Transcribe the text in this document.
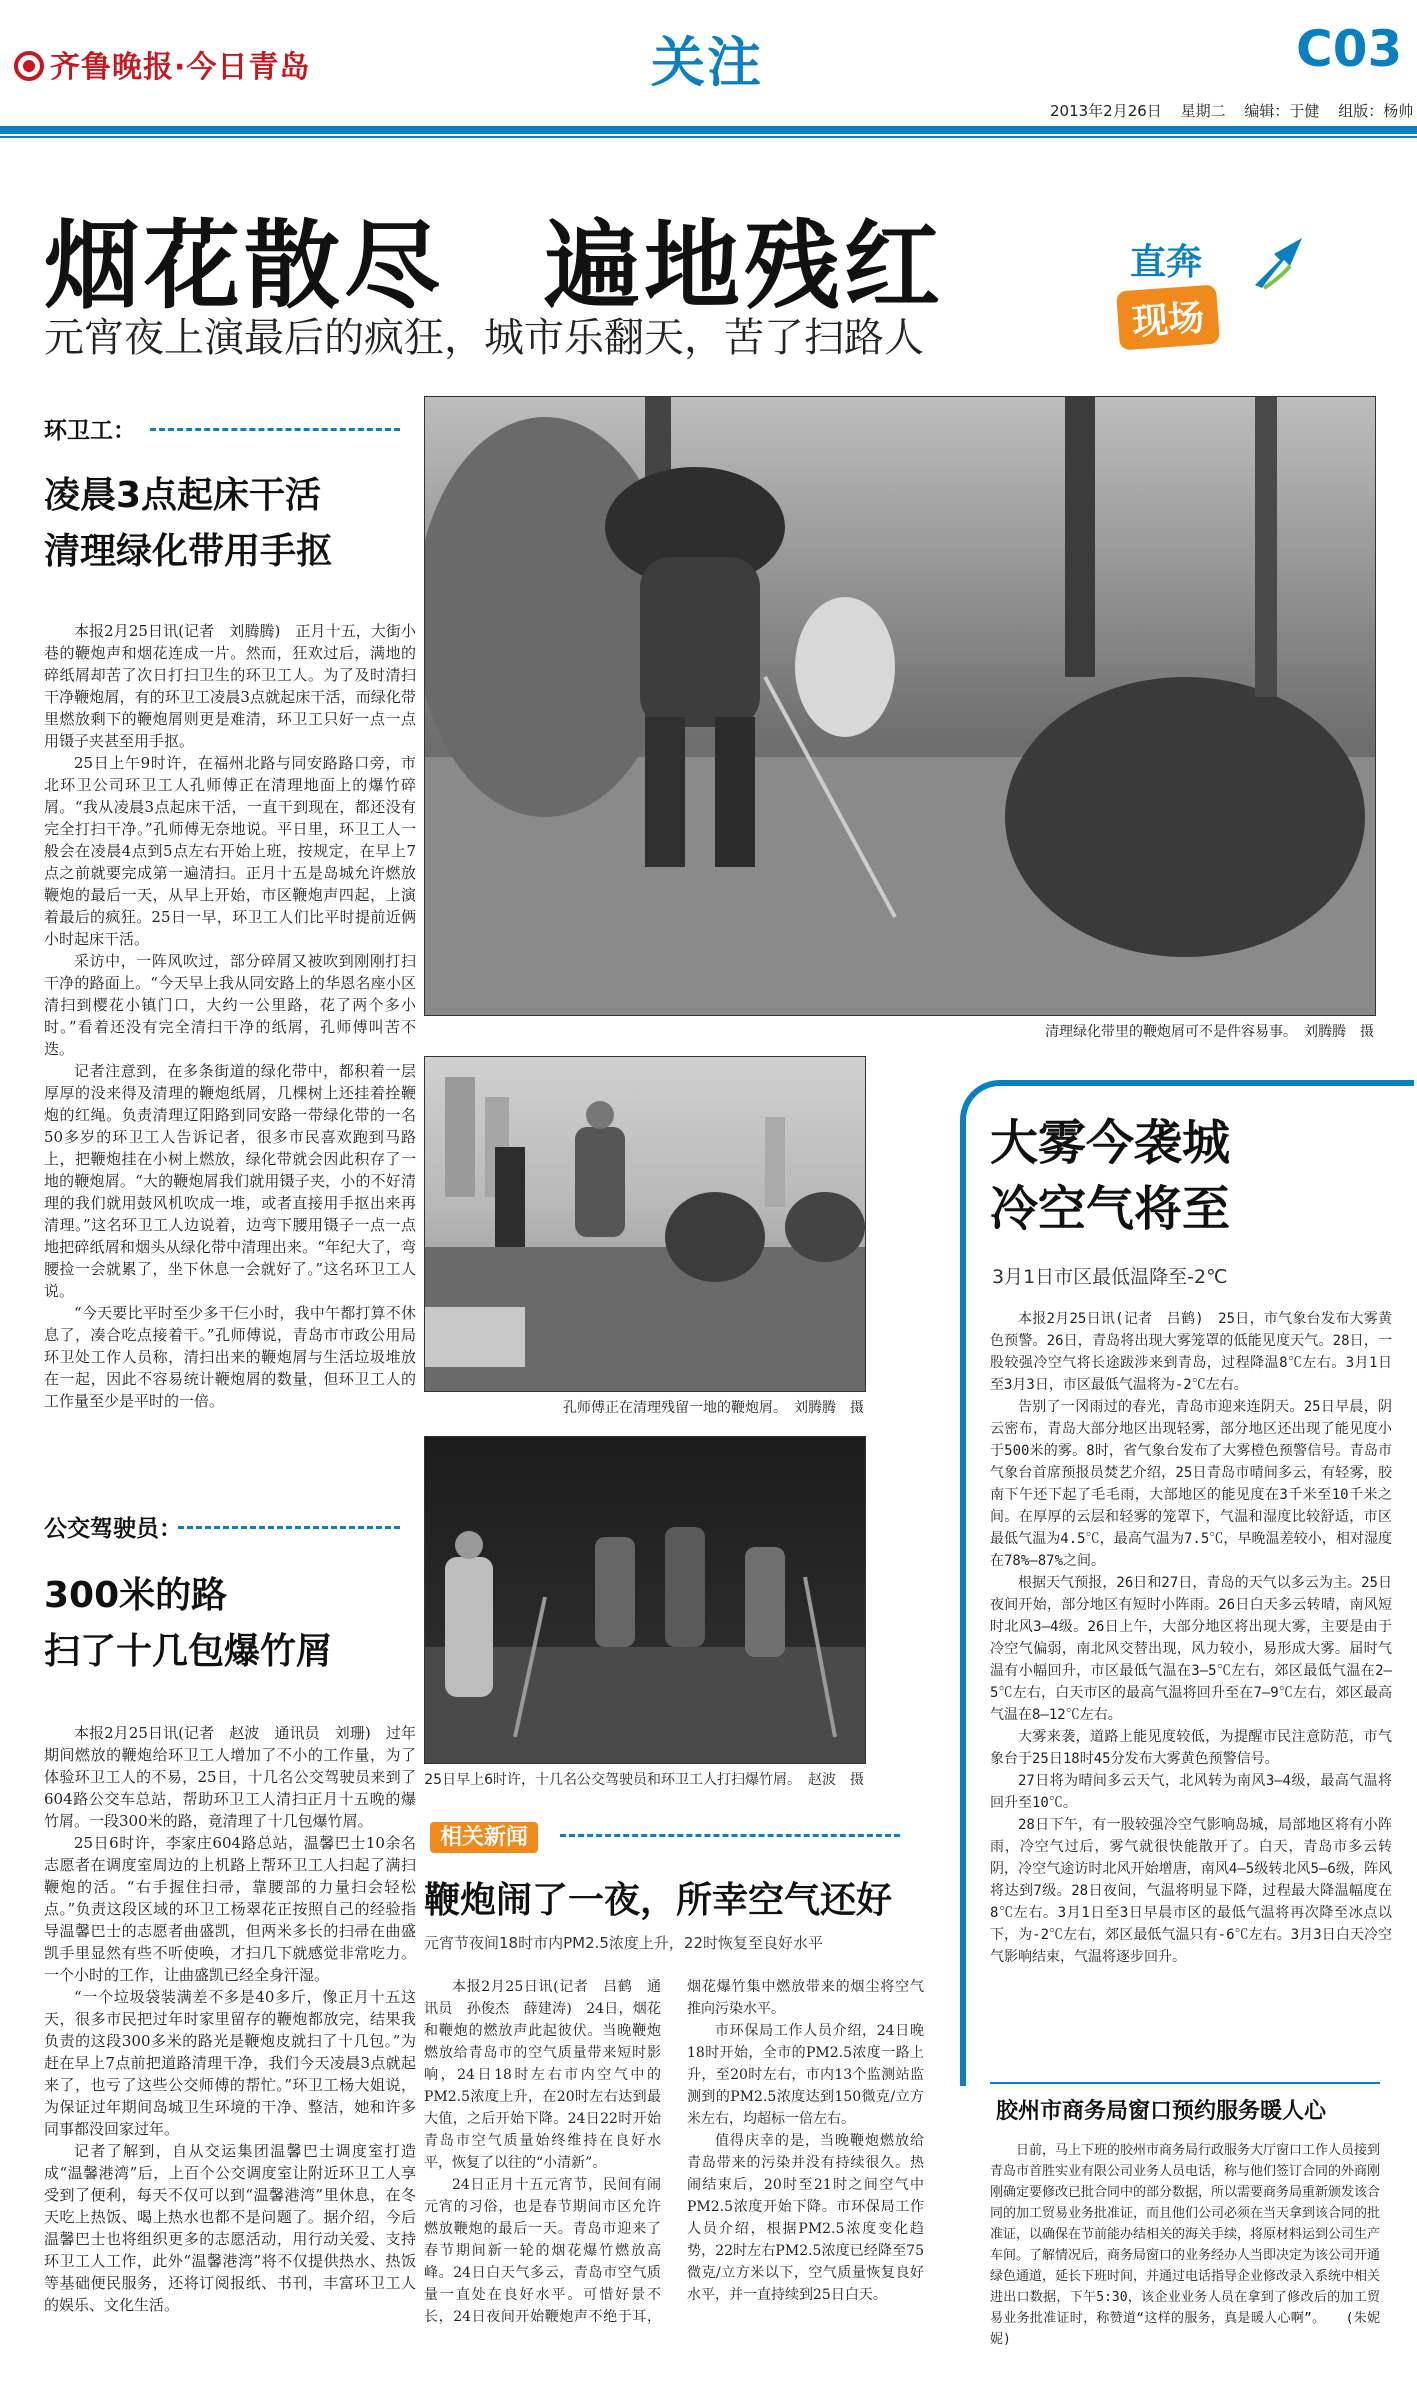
齐鲁晚报·今日青岛	关注	C03
2013年2月26日 星期二 编辑：于健 组版：杨帅
烟花散尽　遍地残红
元宵夜上演最后的疯狂，城市乐翻天，苦了扫路人
直奔
现场
环卫工：
凌晨3点起床干活
清理绿化带用手抠

本报2月25日讯(记者　刘腾腾)　正月十五，大街小巷的鞭炮声和烟花连成一片。然而，狂欢过后，满地的碎纸屑却苦了次日打扫卫生的环卫工人。为了及时清扫干净鞭炮屑，有的环卫工凌晨3点就起床干活，而绿化带里燃放剩下的鞭炮屑则更是难清，环卫工只好一点一点用镊子夹甚至用手抠。

25日上午9时许，在福州北路与同安路路口旁，市北环卫公司环卫工人孔师傅正在清理地面上的爆竹碎屑。“我从凌晨3点起床干活，一直干到现在，都还没有完全打扫干净。”孔师傅无奈地说。平日里，环卫工人一般会在凌晨4点到5点左右开始上班，按规定，在早上7点之前就要完成第一遍清扫。正月十五是岛城允许燃放鞭炮的最后一天，从早上开始，市区鞭炮声四起，上演着最后的疯狂。25日一早，环卫工人们比平时提前近俩小时起床干活。

采访中，一阵风吹过，部分碎屑又被吹到刚刚打扫干净的路面上。“今天早上我从同安路上的华恩名座小区清扫到樱花小镇门口，大约一公里路，花了两个多小时。”看着还没有完全清扫干净的纸屑，孔师傅叫苦不迭。

记者注意到，在多条街道的绿化带中，都积着一层厚厚的没来得及清理的鞭炮纸屑，几棵树上还挂着拴鞭炮的红绳。负责清理辽阳路到同安路一带绿化带的一名50多岁的环卫工人告诉记者，很多市民喜欢跑到马路上，把鞭炮挂在小树上燃放，绿化带就会因此积存了一地的鞭炮屑。“大的鞭炮屑我们就用镊子夹，小的不好清理的我们就用鼓风机吹成一堆，或者直接用手抠出来再清理。”这名环卫工人边说着，边弯下腰用镊子一点一点地把碎纸屑和烟头从绿化带中清理出来。“年纪大了，弯腰捡一会就累了，坐下休息一会就好了。”这名环卫工人说。

“今天要比平时至少多干仨小时，我中午都打算不休息了，凑合吃点接着干。”孔师傅说，青岛市市政公用局环卫处工作人员称，清扫出来的鞭炮屑与生活垃圾堆放在一起，因此不容易统计鞭炮屑的数量，但环卫工人的工作量至少是平时的一倍。

公交驾驶员：
300米的路
扫了十几包爆竹屑

本报2月25日讯(记者　赵波　通讯员　刘珊)　过年期间燃放的鞭炮给环卫工人增加了不小的工作量，为了体验环卫工人的不易，25日，十几名公交驾驶员来到了604路公交车总站，帮助环卫工人清扫正月十五晚的爆竹屑。一段300米的路，竟清理了十几包爆竹屑。

25日6时许，李家庄604路总站，温馨巴士10余名志愿者在调度室周边的上机路上帮环卫工人扫起了满扫鞭炮的活。“右手握住扫帚，靠腰部的力量扫会轻松点。”负责这段区域的环卫工杨翠花正按照自己的经验指导温馨巴士的志愿者曲盛凯，但两米多长的扫帚在曲盛凯手里显然有些不听使唤，才扫几下就感觉非常吃力。一个小时的工作，让曲盛凯已经全身汗湿。

“一个垃圾袋装满差不多是40多斤，像正月十五这天，很多市民把过年时家里留存的鞭炮都放完，结果我负责的这段300多米的路光是鞭炮皮就扫了十几包。”为赶在早上7点前把道路清理干净，我们今天凌晨3点就起来了，也亏了这些公交师傅的帮忙。”环卫工杨大姐说，为保证过年期间岛城卫生环境的干净、整洁，她和许多同事都没回家过年。

记者了解到，自从交运集团温馨巴士调度室打造成“温馨港湾”后，上百个公交调度室让附近环卫工人享受到了便利，每天不仅可以到“温馨港湾”里休息，在冬天吃上热饭、喝上热水也都不是问题了。据介绍，今后温馨巴士也将组织更多的志愿活动，用行动关爱、支持环卫工人工作，此外“温馨港湾”将不仅提供热水、热饭等基础便民服务，还将订阅报纸、书刊，丰富环卫工人的娱乐、文化生活。

清理绿化带里的鞭炮屑可不是件容易事。　刘腾腾　摄
孔师傅正在清理残留一地的鞭炮屑。　刘腾腾　摄
25日早上6时许，十几名公交驾驶员和环卫工人打扫爆竹屑。　赵波　摄
相关新闻
鞭炮闹了一夜，所幸空气还好
元宵节夜间18时市内PM2.5浓度上升，22时恢复至良好水平

本报2月25日讯(记者　吕鹤　通讯员　孙俊杰　薛建涛)　24日，烟花和鞭炮的燃放声此起彼伏。当晚鞭炮燃放给青岛市的空气质量带来短时影响，24日18时左右市内空气中的PM2.5浓度上升，在20时左右达到最大值，之后开始下降。24日22时开始青岛市空气质量始终维持在良好水平，恢复了以往的“小清新”。

24日正月十五元宵节，民间有闹元宵的习俗，也是春节期间市区允许燃放鞭炮的最后一天。青岛市迎来了春节期间新一轮的烟花爆竹燃放高峰。24日白天气多云，青岛市空气质量一直处在良好水平。可惜好景不长，24日夜间开始鞭炮声不绝于耳，烟花爆竹集中燃放带来的烟尘将空气推向污染水平。

市环保局工作人员介绍，24日晚18时开始，全市的PM2.5浓度一路上升，至20时左右，市内13个监测站监测到的PM2.5浓度达到150微克/立方米左右，均超标一倍左右。

值得庆幸的是，当晚鞭炮燃放给青岛带来的污染并没有持续很久。热闹结束后，20时至21时之间空气中PM2.5浓度开始下降。市环保局工作人员介绍，根据PM2.5浓度变化趋势，22时左右PM2.5浓度已经降至75微克/立方米以下，空气质量恢复良好水平，并一直持续到25日白天。

大雾今袭城
冷空气将至
3月1日市区最低温降至-2℃

本报2月25日讯(记者　吕鹤)　25日，市气象台发布大雾黄色预警。26日，青岛将出现大雾笼罩的低能见度天气。28日，一股较强冷空气将长途跋涉来到青岛，过程降温8℃左右。3月1日至3月3日，市区最低气温将为-2℃左右。

告别了一冈雨过的春光，青岛市迎来连阴天。25日早晨，阴云密布，青岛大部分地区出现轻雾，部分地区还出现了能见度小于500米的雾。8时，省气象台发布了大雾橙色预警信号。青岛市气象台首席预报员焚艺介绍，25日青岛市晴间多云，有轻雾，胶南下午还下起了毛毛雨，大部地区的能见度在3千米至10千米之间。在厚厚的云层和轻雾的笼罩下，气温和湿度比较舒适，市区最低气温为4.5℃，最高气温为7.5℃，早晚温差较小，相对湿度在78%—87%之间。

根据天气预报，26日和27日，青岛的天气以多云为主。25日夜间开始，部分地区有短时小阵雨。26日白天多云转晴，南风短时北风3—4级。26日上午，大部分地区将出现大雾，主要是由于冷空气偏弱，南北风交替出现，风力较小，易形成大雾。届时气温有小幅回升，市区最低气温在3—5℃左右，郊区最低气温在2—5℃左右，白天市区的最高气温将回升至在7—9℃左右，郊区最高气温在8—12℃左右。

大雾来袭，道路上能见度较低，为提醒市民注意防范，市气象台于25日18时45分发布大雾黄色预警信号。

27日将为晴间多云天气，北风转为南风3—4级，最高气温将回升至10℃。

28日下午，有一股较强冷空气影响岛城，局部地区将有小阵雨，冷空气过后，雾气就很快能散开了。白天，青岛市多云转阴，冷空气途访时北风开始增唐，南风4—5级转北风5—6级，阵风将达到7级。28日夜间，气温将明显下降，过程最大降温幅度在8℃左右。3月1日至3日早晨市区的最低气温将再次降至冰点以下，为-2℃左右，郊区最低气温只有-6℃左右。3月3日白天冷空气影响结束，气温将逐步回升。

胶州市商务局窗口预约服务暖人心

日前，马上下班的胶州市商务局行政服务大厅窗口工作人员接到青岛市首胜实业有限公司业务人员电话，称与他们签订合同的外商刚刚确定要修改已批合同中的部分数据，所以需要商务局重新颁发该合同的加工贸易业务批准证，而且他们公司必须在当天拿到该合同的批准证，以确保在节前能办结相关的海关手续，将原材料运到公司生产车间。了解情况后，商务局窗口的业务经办人当即决定为该公司开通绿色通道，延长下班时间，并通过电话指导企业修改录入系统中相关进出口数据，下午5:30，该企业业务人员在拿到了修改后的加工贸易业务批准证时，称赞道“这样的服务，真是暖人心啊”。　　(朱妮妮)
